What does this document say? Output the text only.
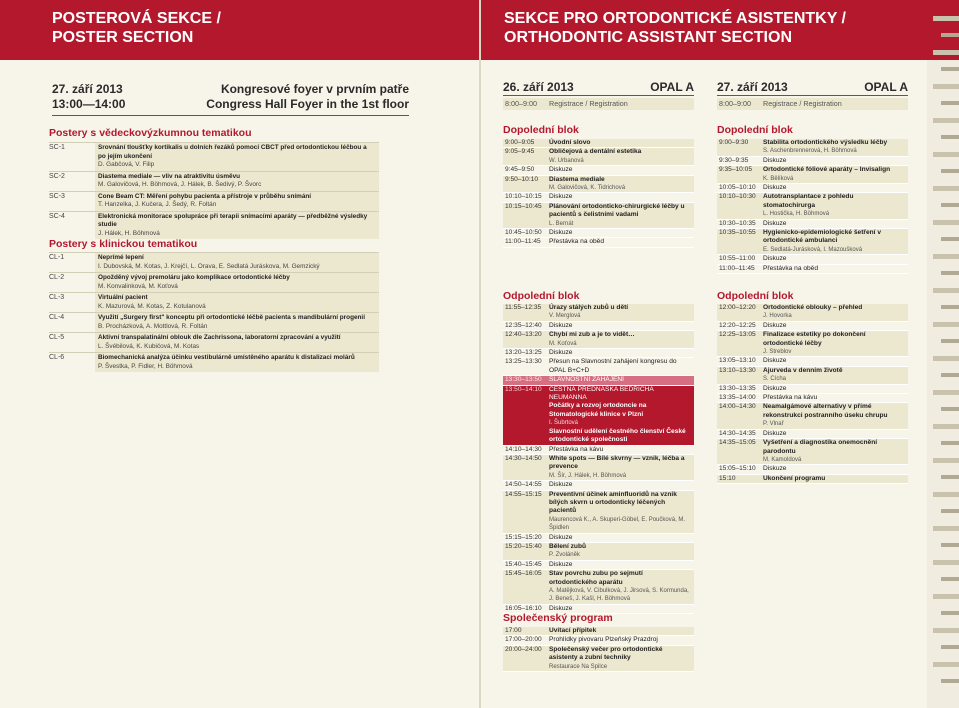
POSTEROVÁ SEKCE /
POSTER SECTION
SEKCE PRO ORTODONTICKÉ ASISTENTKY /
ORTHODONTIC ASSISTANT SECTION
27. září 2013
13:00—14:00
Kongresové foyer v prvním patře
Congress Hall Foyer in the 1st floor
Postery s vědeckovýzkumnou tematikou
SC-1	Srovnání tloušťky kortikalis u dolních řezáků pomocí CBCT před ortodontickou léčbou a po jejím ukončení
D. Gabčová, V. Filip
SC-2	Diastema mediale — vliv na atraktivitu úsměvu
M. Galovičová, H. Böhmová, J. Hálek, B. Šedivý, P. Švorc
SC-3	Cone Beam CT: Měření pohybu pacienta a přístroje v průběhu snímání
T. Hanzelka, J. Kučera, J. Šedý, R. Foltán
SC-4	Elektronická monitorace spolupráce při terapii snímacími aparáty — předběžné výsledky studie
J. Hálek, H. Böhmová
Postery s klinickou tematikou
CL-1	Neprímé lepení
I. Dubovská, M. Kotas, J. Krejčí, L. Orava, E. Sedlatá Juráskova, M. Gemzický
CL-2	Opožděný vývoj premoláru jako komplikace ortodontické léčby
M. Konvalinková, M. Koťová
CL-3	Virtuální pacient
K. Mazurová, M. Kotas, Z. Kotulanová
CL-4	Využití „Surgery first" konceptu při ortodontické léčbě pacienta s mandibulární progenií
B. Procházková, A. Mottlová, R. Foltán
CL-5	Aktivní transpalatinální oblouk dle Zachrissona, laboratorní zpracování a využití
L. Švébilová, K. Kubičová, M. Kotas
CL-6	Biomechanická analýza účinku vestibulárně umístěného aparátu k distalizaci molárů
P. Švestka, P. Fidler, H. Böhmová
26. září 2013	OPAL A
8:00–9:00 Registrace / Registration
27. září 2013	OPAL A
8:00–9:00 Registrace / Registration
Dopolední blok
9:00–9:05	Úvodní slovo
9:05–9:45	Obličejová a dentální estetika
W. Urbanová
9:45–9:50	Diskuze
9:50–10:10	Diastema mediale
M. Galovičová, K. Tidrichová
10:10–10:15	Diskuze
10:15–10:45	Plánování ortodonticko-chirurgické léčby u pacientů s čelistními vadami
L. Bernát
10:45–10:50	Diskuze
11:00–11:45	Přestávka na oběd
Odpolední blok
11:55–12:35	Úrazy stálých zubů u dětí
V. Merglová
12:35–12:40	Diskuze
12:40–13:20	Chybí mi zub a je to vidět…
M. Koťová
13:20–13:25	Diskuze
13:25–13:30	Přesun na Slavnostní zahájení kongresu do OPAL B+C+D
13:30–13:50	SLAVNOSTNÍ ZAHÁJENÍ
13:50–14:10	ČESTNÁ PŘEDNÁŠKA BEDŘICHA NEUMANNA
Počátky a rozvoj ortodoncie na Stomatologické klinice v Plzni
I. Šubrtová
Slavnostní udělení čestného členství České ortodontické společnosti
14:10–14:30	Přestávka na kávu
14:30–14:50	White spots — Bílé skvrny — vznik, léčba a prevence
M. Šír, J. Hálek, H. Böhmová
14:50–14:55	Diskuze
14:55–15:15	Preventivní účinek aminfluoridů na vznik bílých skvrn u ortodonticky léčených pacientů
Maurencová K., A. Skuperi-Göbel, E. Poučková, M. Špidlen
15:15–15:20	Diskuze
15:20–15:40	Bělení zubů
P. Zvoláněk
15:40–15:45	Diskuze
15:45–16:05	Stav povrchu zubu po sejmutí ortodontického aparátu
A. Matějková, V. Cibulková, J. Jirsová, S. Kormunda, J. Beneš, J. Kašl, H. Böhmová
16:05–16:10	Diskuze
Společenský program
17:00	Uvítací přípitek
17:00–20:00	Prohlídky pivovaru Plzeňský Prazdroj
20:00–24:00	Společenský večer pro ortodontické asistenty a zubní techniky
Restaurace Na Spilce
Dopolední blok
9:00–9:30	Stabilita ortodontického výsledku léčby
S. Aschenbrennerová, H. Böhmová
9:30–9:35	Diskuze
9:35–10:05	Ortodontické fóliové aparáty – Invisalign
K. Bělíková
10:05–10:10	Diskuze
10:10–10:30	Autotransplantace z pohledu stomatochirurga
L. Hostička, H. Böhmová
10:30–10:35	Diskuze
10:35–10:55	Hygienicko-epidemiologické šetření v ortodontické ambulanci
E. Sedlatá-Jurásková, I. Mazoušková
10:55–11:00	Diskuze
11:00–11:45	Přestávka na oběd
Odpolední blok
12:00–12:20	Ortodontické oblouky – přehled
J. Hovorka
12:20–12:25	Diskuze
12:25–13:05	Finalizace estetiky po dokončení ortodontické léčby
J. Streblov
13:05–13:10	Diskuze
13:10–13:30	Ajurveda v denním životě
S. Cícha
13:30–13:35	Diskuze
13:35–14:00	Přestávka na kávu
14:00–14:30	Neamalgámové alternativy v přímé rekonstrukci postranního úseku chrupu
P. Vlnař
14:30–14:35	Diskuze
14:35–15:05	Vyšetření a diagnostika onemocnění parodontu
M. Kamoldová
15:05–15:10	Diskuze
15:10	Ukončení programu
